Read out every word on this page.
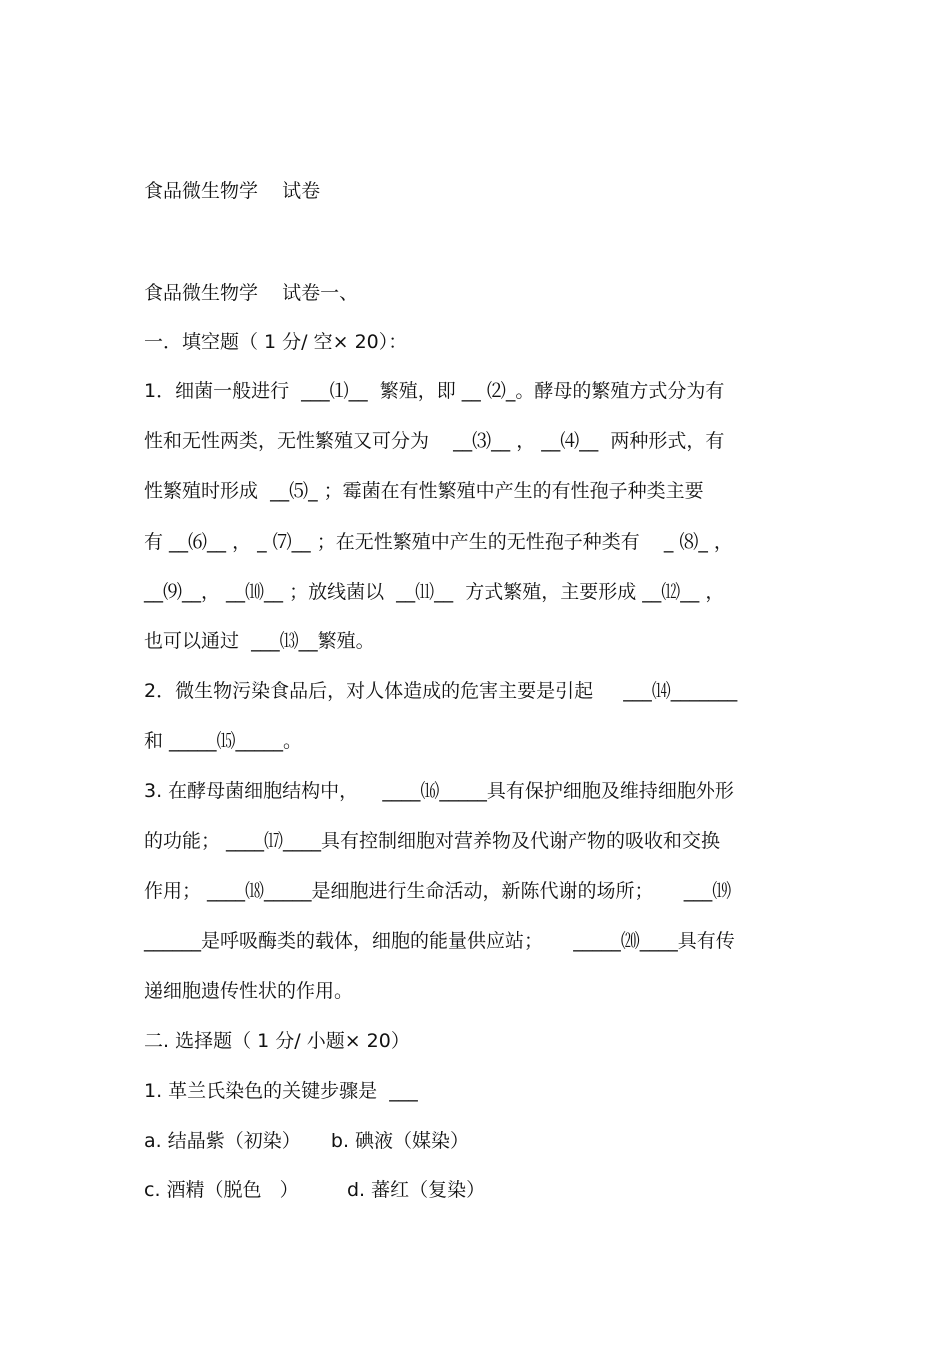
食品微生物学    试卷

食品微生物学    试卷一、

一．填空题（ 1 分/ 空× 20）：

1．细菌一般进行  ___⑴__  繁殖，即 __ ⑵_。酵母的繁殖方式分为有

性和无性两类，无性繁殖又可分为    __⑶__ ， __⑷__  两种形式，有

性繁殖时形成  __⑸_ ；霉菌在有性繁殖中产生的有性孢子种类主要

有 __⑹__ ， _ ⑺__ ；在无性繁殖中产生的无性孢子种类有    _ ⑻_ ，

__⑼__， __⑽__ ；放线菌以  __⑾__  方式繁殖，主要形成 __⑿__ ，

也可以通过  ___⒀__繁殖。

2．微生物污染食品后，对人体造成的危害主要是引起     ___⒁_______

和 _____⒂_____。

3. 在酵母菌细胞结构中，    ____⒃_____具有保护细胞及维持细胞外形

的功能； ____⒄____具有控制细胞对营养物及代谢产物的吸收和交换

作用； ____⒅_____是细胞进行生命活动，新陈代谢的场所；     ___⒆

______是呼吸酶类的载体，细胞的能量供应站；     _____⒇____具有传

递细胞遗传性状的作用。

二. 选择题（ 1 分/ 小题× 20）

1. 革兰氏染色的关键步骤是  ___

a. 结晶紫（初染）     b. 碘液（媒染）

c. 酒精（脱色   ）        d. 蕃红（复染）
